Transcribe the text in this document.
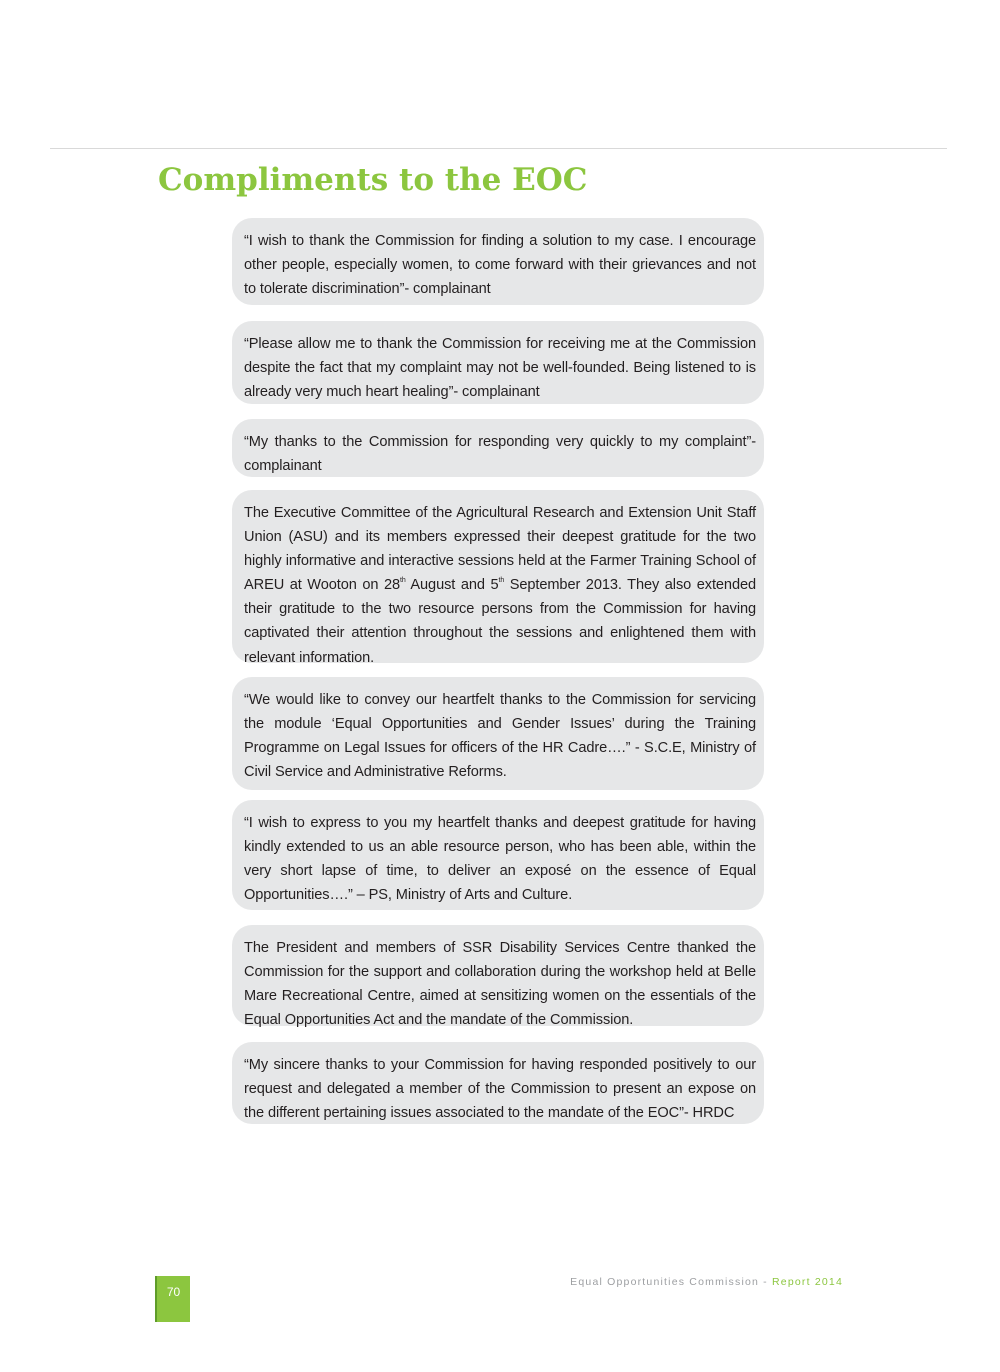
Compliments to the EOC

“I wish to thank the Commission for finding a solution to my case. I encourage other people, especially women, to come forward with their grievances and not to tolerate discrimination”- complainant

“Please allow me to thank the Commission for receiving me at the Commission despite the fact that my complaint may not be well-founded. Being listened to is already very much heart healing”- complainant

“My thanks to the Commission for responding very quickly to my complaint”- complainant

The Executive Committee of the Agricultural Research and Extension Unit Staff Union (ASU) and its members expressed their deepest gratitude for the two highly informative and interactive sessions held at the Farmer Training School of AREU at Wooton on 28th August and 5th September 2013. They also extended their gratitude to the two resource persons from the Commission for having captivated their attention throughout the sessions and enlightened them with relevant information.

“We would like to convey our heartfelt thanks to the Commission for servicing the module ‘Equal Opportunities and Gender Issues’ during the Training Programme on Legal Issues for officers of the HR Cadre….” - S.C.E, Ministry of Civil Service and Administrative Reforms.

“I wish to express to you my heartfelt thanks and deepest gratitude for having kindly extended to us an able resource person, who has been able, within the very short lapse of time, to deliver an exposé on the essence of Equal Opportunities….” – PS, Ministry of Arts and Culture.

The President and members of SSR Disability Services Centre thanked the Commission for the support and collaboration during the workshop held at Belle Mare Recreational Centre, aimed at sensitizing women on the essentials of the Equal Opportunities Act and the mandate of the Commission.

“My sincere thanks to your Commission for having responded positively to our request and delegated a member of the Commission to present an expose on the different pertaining issues associated to the mandate of the EOC”- HRDC

70
Equal Opportunities Commission - Report 2014
